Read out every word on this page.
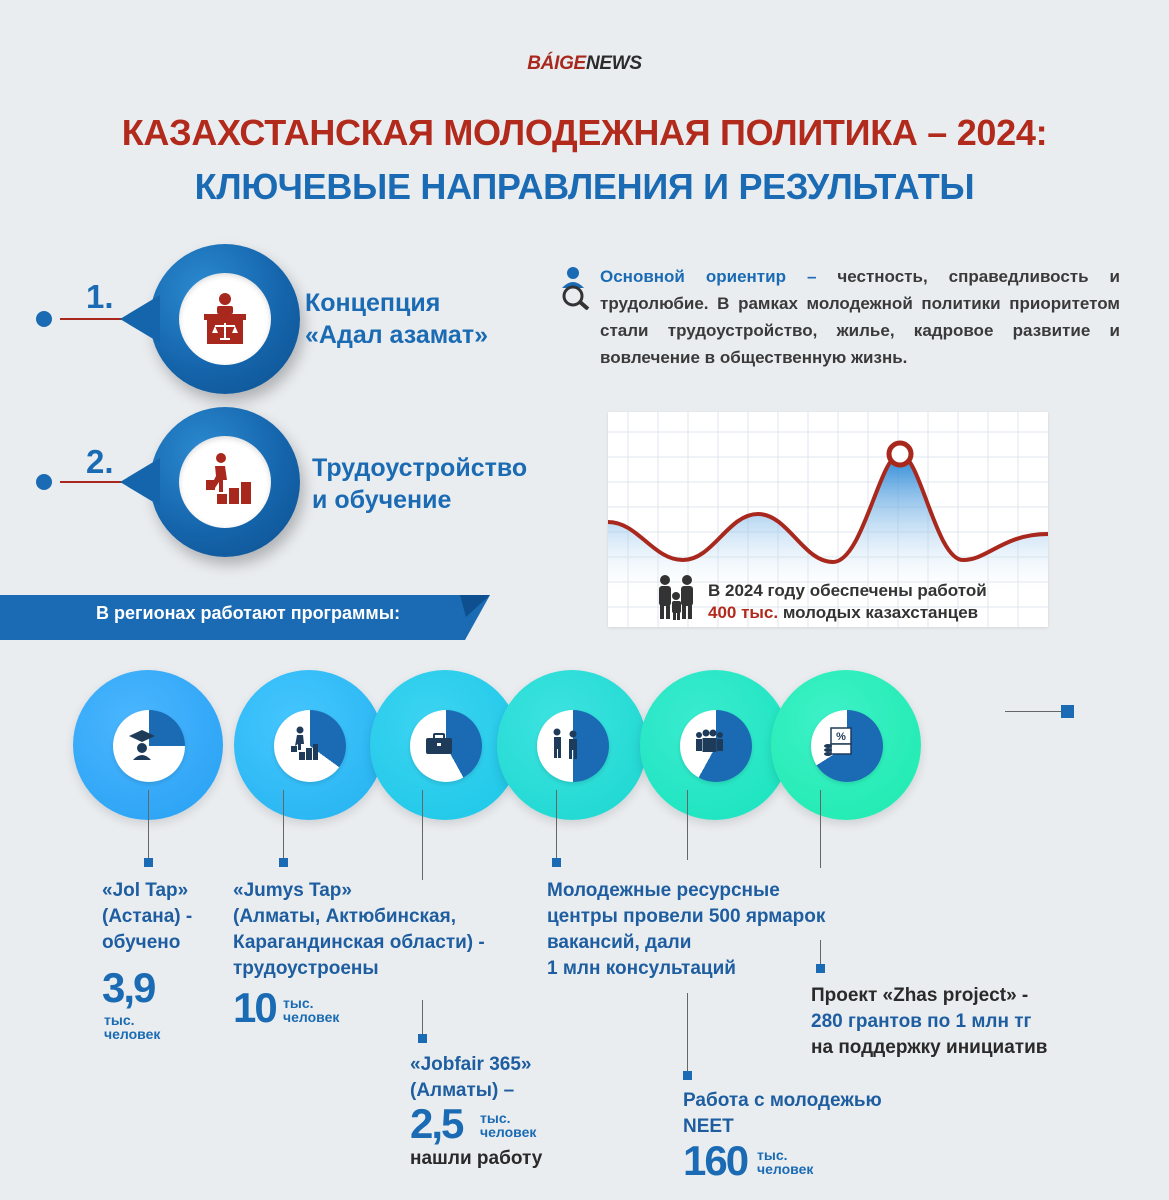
BÁIGENEWS
КАЗАХСТАНСКАЯ МОЛОДЕЖНАЯ ПОЛИТИКА – 2024:
КЛЮЧЕВЫЕ НАПРАВЛЕНИЯ И РЕЗУЛЬТАТЫ
1.	Концепция
«Адал азамат»
2.	Трудоустройство
и обучение
Основной ориентир – честность, справедливость и трудолюбие. В рамках молодежной политики приоритетом стали трудоустройство, жилье, кадровое развитие и вовлечение в общественную жизнь.
В 2024 году обеспечены работой
400 тыс. молодых казахстанцев
В регионах работают программы:
%
«Jol Tap»
(Астана) -
обучено
3,9
тыс.
человек
«Jumys Tap»
(Алматы, Актюбинская,
Карагандинская области) -
трудоустроены
10 тыс.
человек
«Jobfair 365»
(Алматы) –
2,5 тыс.
человек
нашли работу
Молодежные ресурсные
центры провели 500 ярмарок
вакансий, дали
1 млн консультаций
Работа с молодежью
NEET
160 тыс.
человек
Проект «Zhas project» -
280 грантов по 1 млн тг
на поддержку инициатив
